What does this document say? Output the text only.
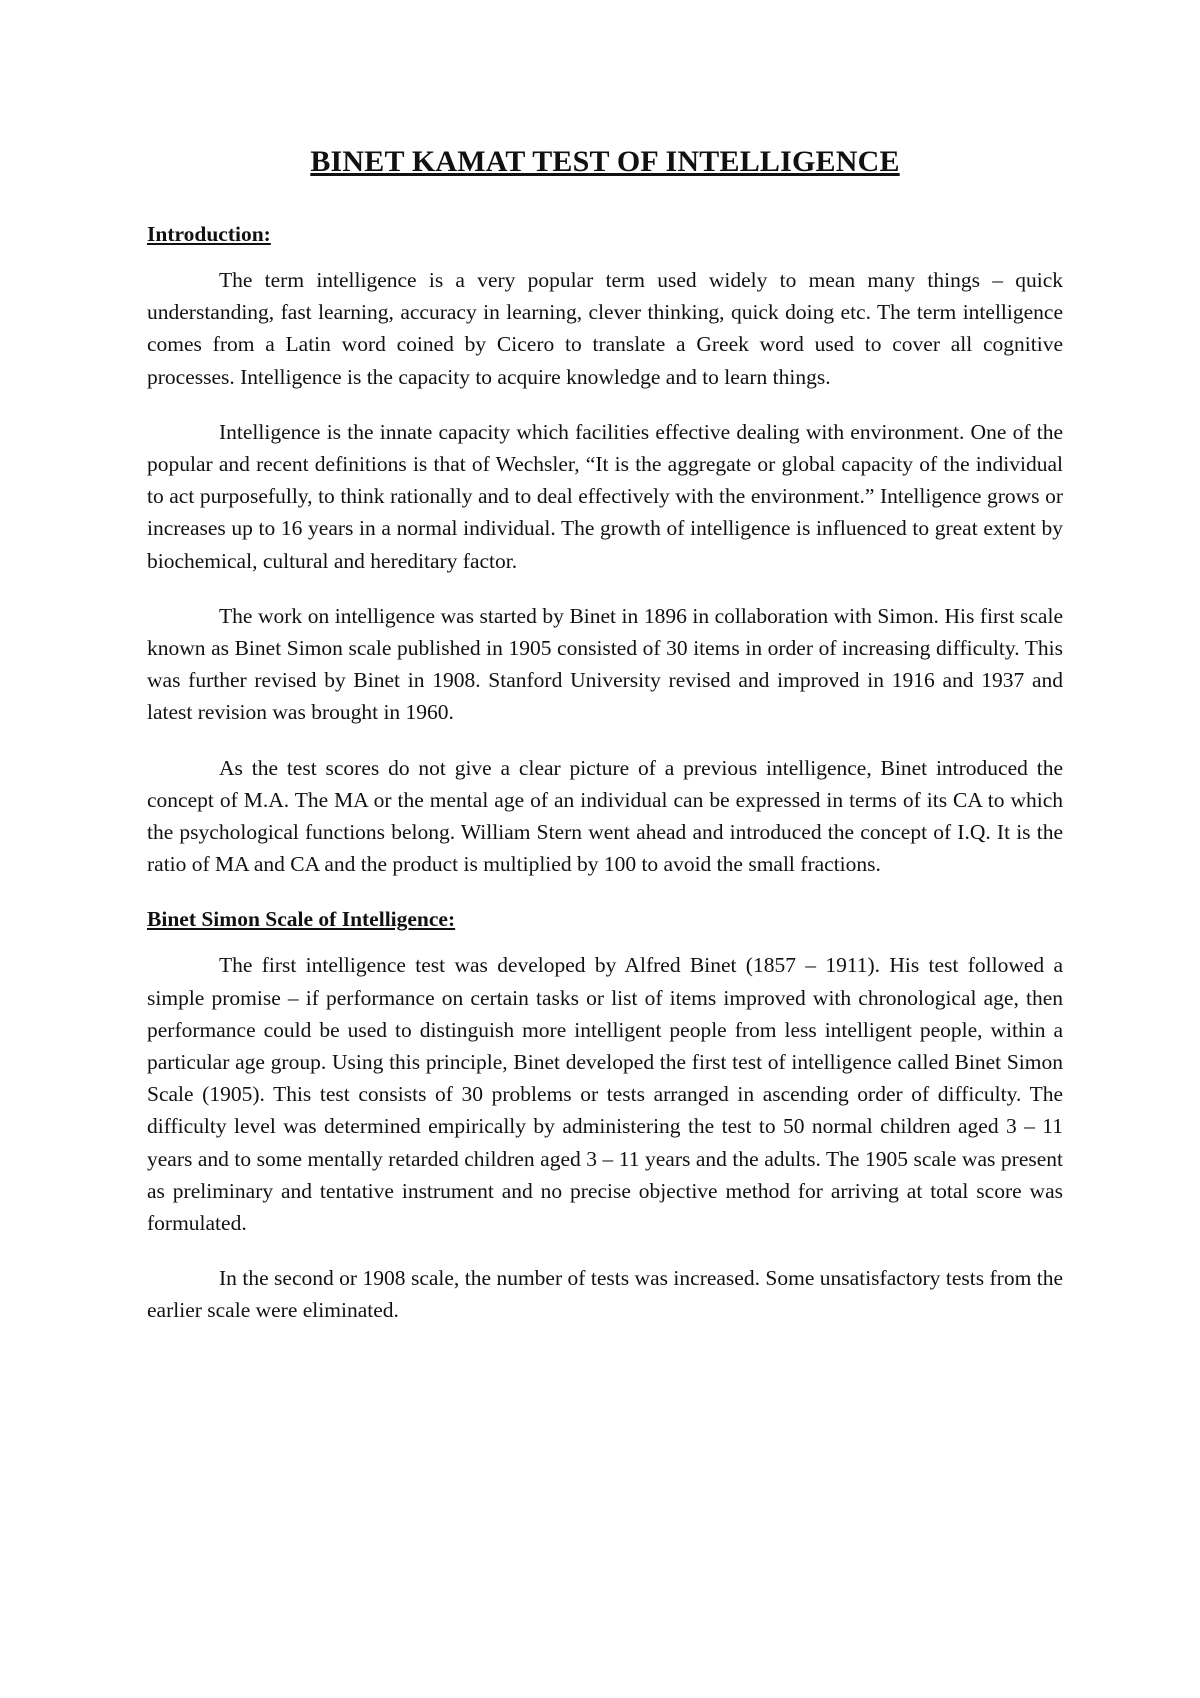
BINET KAMAT TEST OF INTELLIGENCE
Introduction:

The term intelligence is a very popular term used widely to mean many things – quick understanding, fast learning, accuracy in learning, clever thinking, quick doing etc. The term intelligence comes from a Latin word coined by Cicero to translate a Greek word used to cover all cognitive processes. Intelligence is the capacity to acquire knowledge and to learn things.

Intelligence is the innate capacity which facilities effective dealing with environment. One of the popular and recent definitions is that of Wechsler, “It is the aggregate or global capacity of the individual to act purposefully, to think rationally and to deal effectively with the environment.” Intelligence grows or increases up to 16 years in a normal individual. The growth of intelligence is influenced to great extent by biochemical, cultural and hereditary factor.

The work on intelligence was started by Binet in 1896 in collaboration with Simon. His first scale known as Binet Simon scale published in 1905 consisted of 30 items in order of increasing difficulty. This was further revised by Binet in 1908. Stanford University revised and improved in 1916 and 1937 and latest revision was brought in 1960.

As the test scores do not give a clear picture of a previous intelligence, Binet introduced the concept of M.A. The MA or the mental age of an individual can be expressed in terms of its CA to which the psychological functions belong. William Stern went ahead and introduced the concept of I.Q. It is the ratio of MA and CA and the product is multiplied by 100 to avoid the small fractions.

Binet Simon Scale of Intelligence:

The first intelligence test was developed by Alfred Binet (1857 – 1911). His test followed a simple promise – if performance on certain tasks or list of items improved with chronological age, then performance could be used to distinguish more intelligent people from less intelligent people, within a particular age group. Using this principle, Binet developed the first test of intelligence called Binet Simon Scale (1905). This test consists of 30 problems or tests arranged in ascending order of difficulty. The difficulty level was determined empirically by administering the test to 50 normal children aged 3 – 11 years and to some mentally retarded children aged 3 – 11 years and the adults. The 1905 scale was present as preliminary and tentative instrument and no precise objective method for arriving at total score was formulated.

In the second or 1908 scale, the number of tests was increased. Some unsatisfactory tests from the earlier scale were eliminated.
